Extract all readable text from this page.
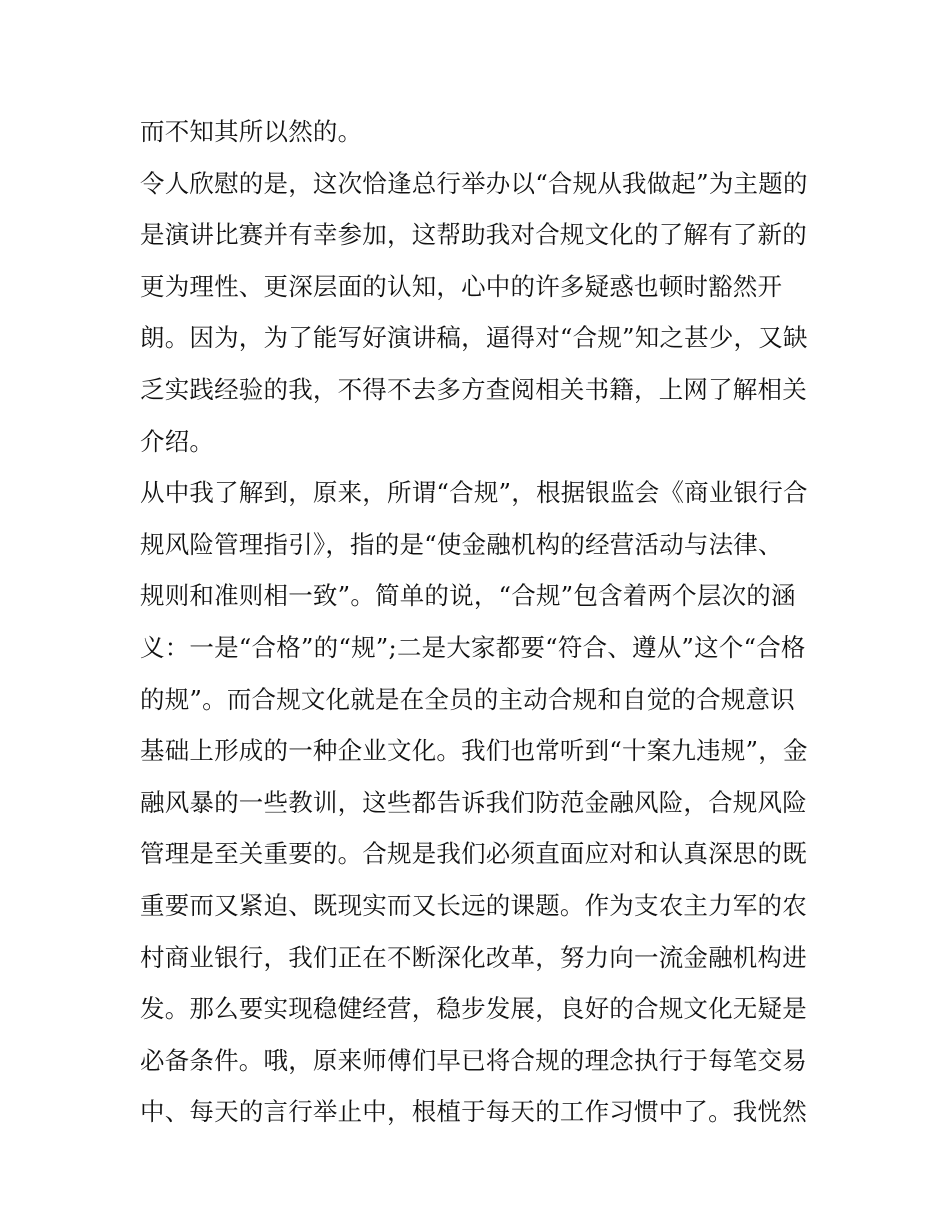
而不知其所以然的。
令人欣慰的是，这次恰逢总行举办以“合规从我做起”为主题的
是演讲比赛并有幸参加，这帮助我对合规文化的了解有了新的
更为理性、更深层面的认知，心中的许多疑惑也顿时豁然开
朗。因为，为了能写好演讲稿，逼得对“合规”知之甚少，又缺
乏实践经验的我，不得不去多方查阅相关书籍，上网了解相关
介绍。
从中我了解到，原来，所谓“合规”，根据银监会《商业银行合
规风险管理指引》，指的是“使金融机构的经营活动与法律、
规则和准则相一致”。简单的说，“合规”包含着两个层次的涵
义：一是“合格”的“规”;二是大家都要“符合、遵从”这个“合格
的规”。而合规文化就是在全员的主动合规和自觉的合规意识
基础上形成的一种企业文化。我们也常听到“十案九违规”，金
融风暴的一些教训，这些都告诉我们防范金融风险，合规风险
管理是至关重要的。合规是我们必须直面应对和认真深思的既
重要而又紧迫、既现实而又长远的课题。作为支农主力军的农
村商业银行，我们正在不断深化改革，努力向一流金融机构进
发。那么要实现稳健经营，稳步发展，良好的合规文化无疑是
必备条件。哦，原来师傅们早已将合规的理念执行于每笔交易
中、每天的言行举止中，根植于每天的工作习惯中了。我恍然
